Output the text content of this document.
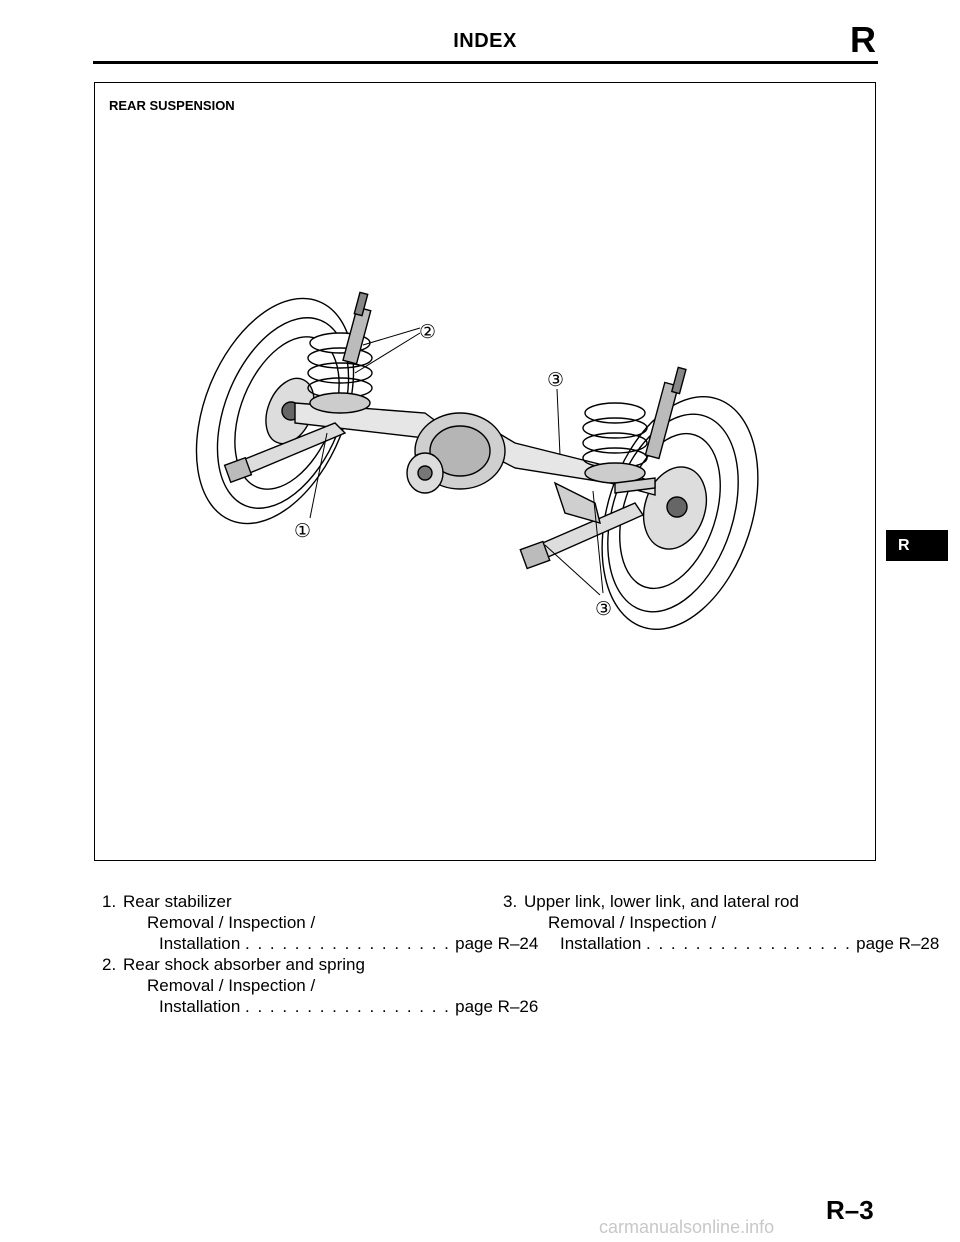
INDEX	R
REAR SUSPENSION
②
③
①
③
R
1. Rear stabilizer
Removal / Inspection /
Installation . . . . . . . . . . . . . . . . . page R–24
2. Rear shock absorber and spring
Removal / Inspection /
Installation . . . . . . . . . . . . . . . . . page R–26
3. Upper link, lower link, and lateral rod
Removal / Inspection /
Installation . . . . . . . . . . . . . . . . . page R–28
R–3
carmanualsonline.info
